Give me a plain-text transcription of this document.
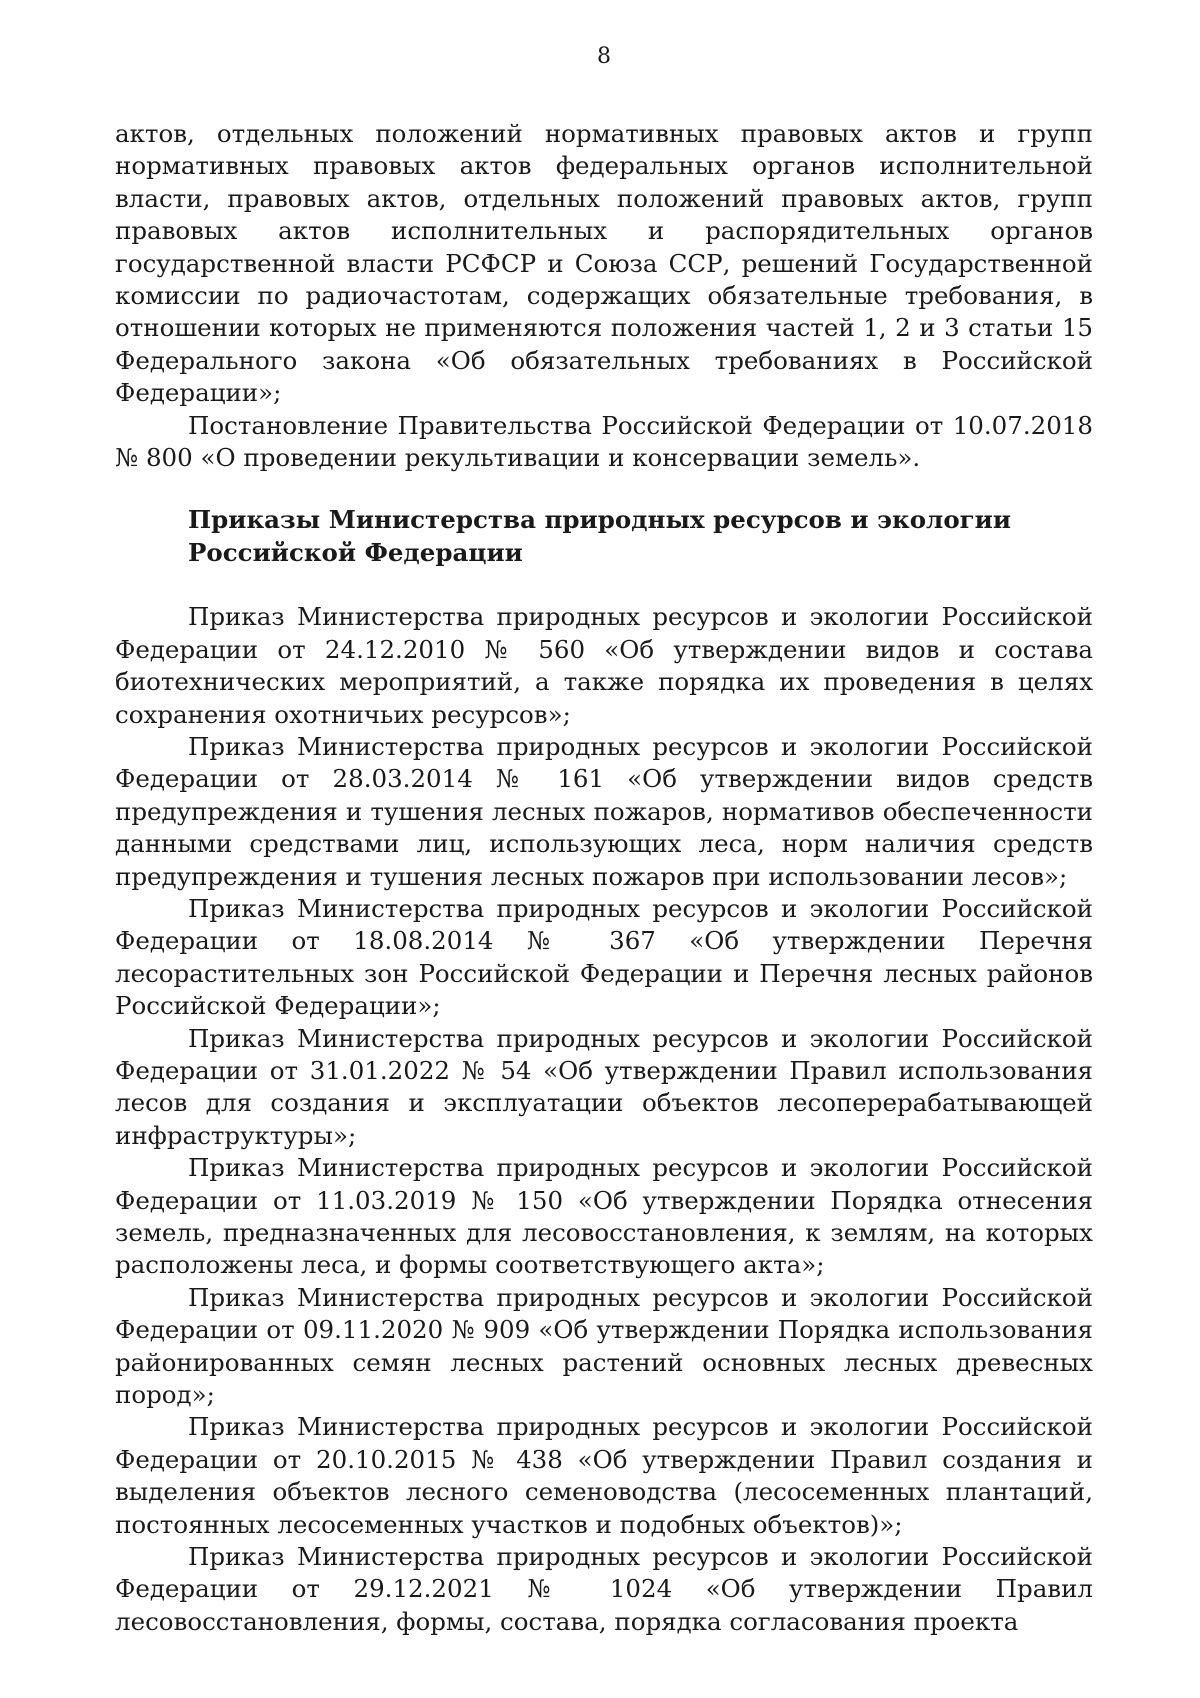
8

актов, отдельных положений нормативных правовых актов и групп нормативных правовых актов федеральных органов исполнительной власти, правовых актов, отдельных положений правовых актов, групп правовых актов исполнительных и распорядительных органов государственной власти РСФСР и Союза ССР, решений Государственной комиссии по радиочастотам, содержащих обязательные требования, в отношении которых не применяются положения частей 1, 2 и 3 статьи 15 Федерального закона «Об обязательных требованиях в Российской Федерации»;

Постановление Правительства Российской Федерации от 10.07.2018 № 800 «О проведении рекультивации и консервации земель».

Приказы Министерства природных ресурсов и экологии Российской Федерации

Приказ Министерства природных ресурсов и экологии Российской Федерации от 24.12.2010 № 560 «Об утверждении видов и состава биотехнических мероприятий, а также порядка их проведения в целях сохранения охотничьих ресурсов»;

Приказ Министерства природных ресурсов и экологии Российской Федерации от 28.03.2014 № 161 «Об утверждении видов средств предупреждения и тушения лесных пожаров, нормативов обеспеченности данными средствами лиц, использующих леса, норм наличия средств предупреждения и тушения лесных пожаров при использовании лесов»;

Приказ Министерства природных ресурсов и экологии Российской Федерации от 18.08.2014 № 367 «Об утверждении Перечня лесорастительных зон Российской Федерации и Перечня лесных районов Российской Федерации»;

Приказ Министерства природных ресурсов и экологии Российской Федерации от 31.01.2022 № 54 «Об утверждении Правил использования лесов для создания и эксплуатации объектов лесоперерабатывающей инфраструктуры»;

Приказ Министерства природных ресурсов и экологии Российской Федерации от 11.03.2019 № 150 «Об утверждении Порядка отнесения земель, предназначенных для лесовосстановления, к землям, на которых расположены леса, и формы соответствующего акта»;

Приказ Министерства природных ресурсов и экологии Российской Федерации от 09.11.2020 № 909 «Об утверждении Порядка использования районированных семян лесных растений основных лесных древесных пород»;

Приказ Министерства природных ресурсов и экологии Российской Федерации от 20.10.2015 № 438 «Об утверждении Правил создания и выделения объектов лесного семеноводства (лесосеменных плантаций, постоянных лесосеменных участков и подобных объектов)»;

Приказ Министерства природных ресурсов и экологии Российской Федерации от 29.12.2021 № 1024 «Об утверждении Правил лесовосстановления, формы, состава, порядка согласования проекта
